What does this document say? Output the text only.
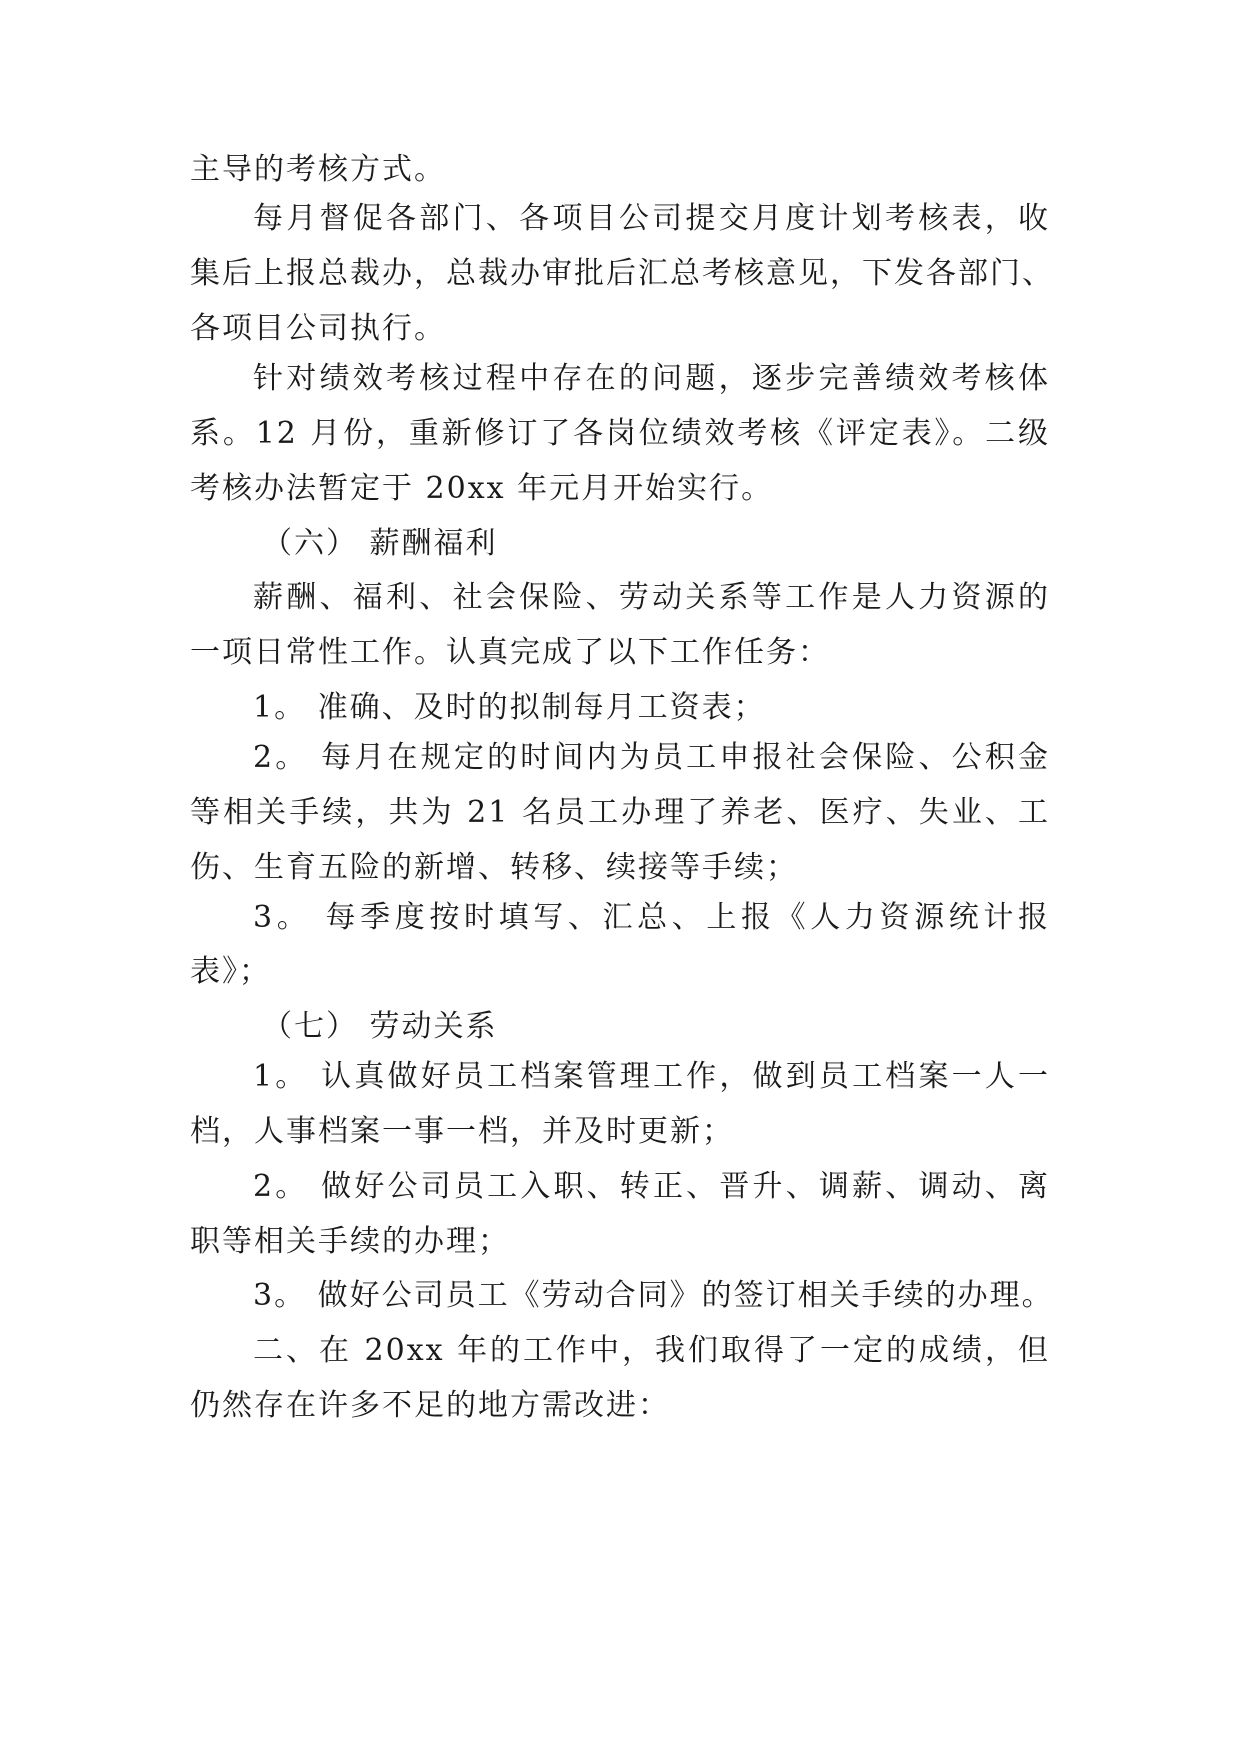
主导的考核方式。
每月督促各部门、各项目公司提交月度计划考核表，收
集后上报总裁办，总裁办审批后汇总考核意见，下发各部门、
各项目公司执行。
针对绩效考核过程中存在的问题，逐步完善绩效考核体
系。12 月份，重新修订了各岗位绩效考核《评定表》。二级
考核办法暂定于 20xx 年元月开始实行。
（六） 薪酬福利
薪酬、福利、社会保险、劳动关系等工作是人力资源的
一项日常性工作。认真完成了以下工作任务：
1。 准确、及时的拟制每月工资表；
2。 每月在规定的时间内为员工申报社会保险、公积金
等相关手续，共为 21 名员工办理了养老、医疗、失业、工
伤、生育五险的新增、转移、续接等手续；
3。 每季度按时填写、汇总、上报《人力资源统计报
表》；
（七） 劳动关系
1。 认真做好员工档案管理工作，做到员工档案一人一
档，人事档案一事一档，并及时更新；
2。 做好公司员工入职、转正、晋升、调薪、调动、离
职等相关手续的办理；
3。 做好公司员工《劳动合同》的签订相关手续的办理。
二、在 20xx 年的工作中，我们取得了一定的成绩，但
仍然存在许多不足的地方需改进：
